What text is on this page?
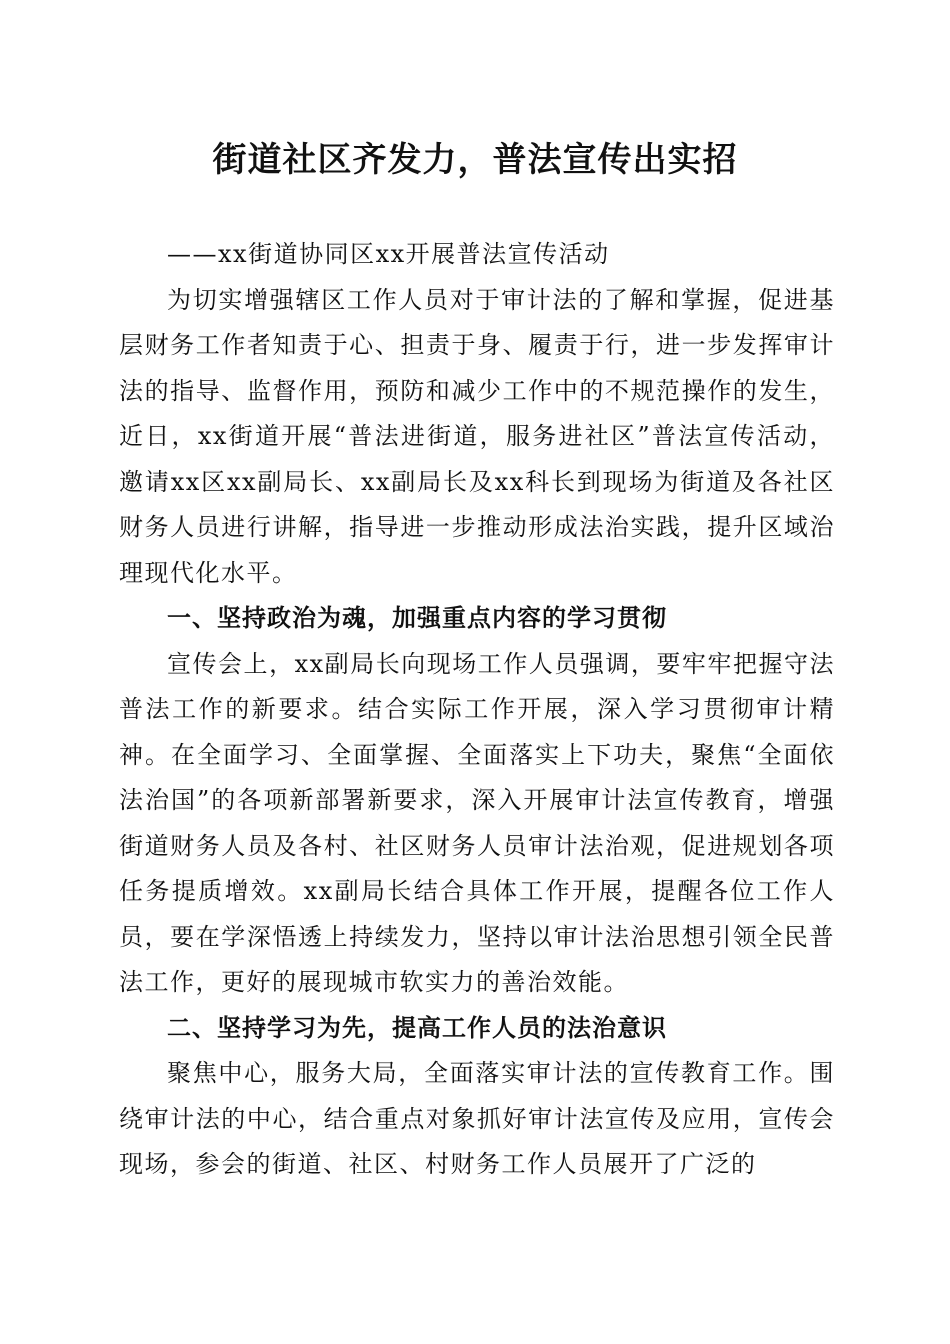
街道社区齐发力，普法宣传出实招

——xx街道协同区xx开展普法宣传活动

为切实增强辖区工作人员对于审计法的了解和掌握，促进基层财务工作者知责于心、担责于身、履责于行，进一步发挥审计法的指导、监督作用，预防和减少工作中的不规范操作的发生，近日，xx街道开展“普法进街道，服务进社区”普法宣传活动，邀请xx区xx副局长、xx副局长及xx科长到现场为街道及各社区财务人员进行讲解，指导进一步推动形成法治实践，提升区域治理现代化水平。

一、坚持政治为魂，加强重点内容的学习贯彻

宣传会上，xx副局长向现场工作人员强调，要牢牢把握守法普法工作的新要求。结合实际工作开展，深入学习贯彻审计精神。在全面学习、全面掌握、全面落实上下功夫，聚焦“全面依法治国”的各项新部署新要求，深入开展审计法宣传教育，增强街道财务人员及各村、社区财务人员审计法治观，促进规划各项任务提质增效。xx副局长结合具体工作开展，提醒各位工作人员，要在学深悟透上持续发力，坚持以审计法治思想引领全民普法工作，更好的展现城市软实力的善治效能。

二、坚持学习为先，提高工作人员的法治意识

聚焦中心，服务大局，全面落实审计法的宣传教育工作。围绕审计法的中心，结合重点对象抓好审计法宣传及应用，宣传会现场，参会的街道、社区、村财务工作人员展开了广泛的
